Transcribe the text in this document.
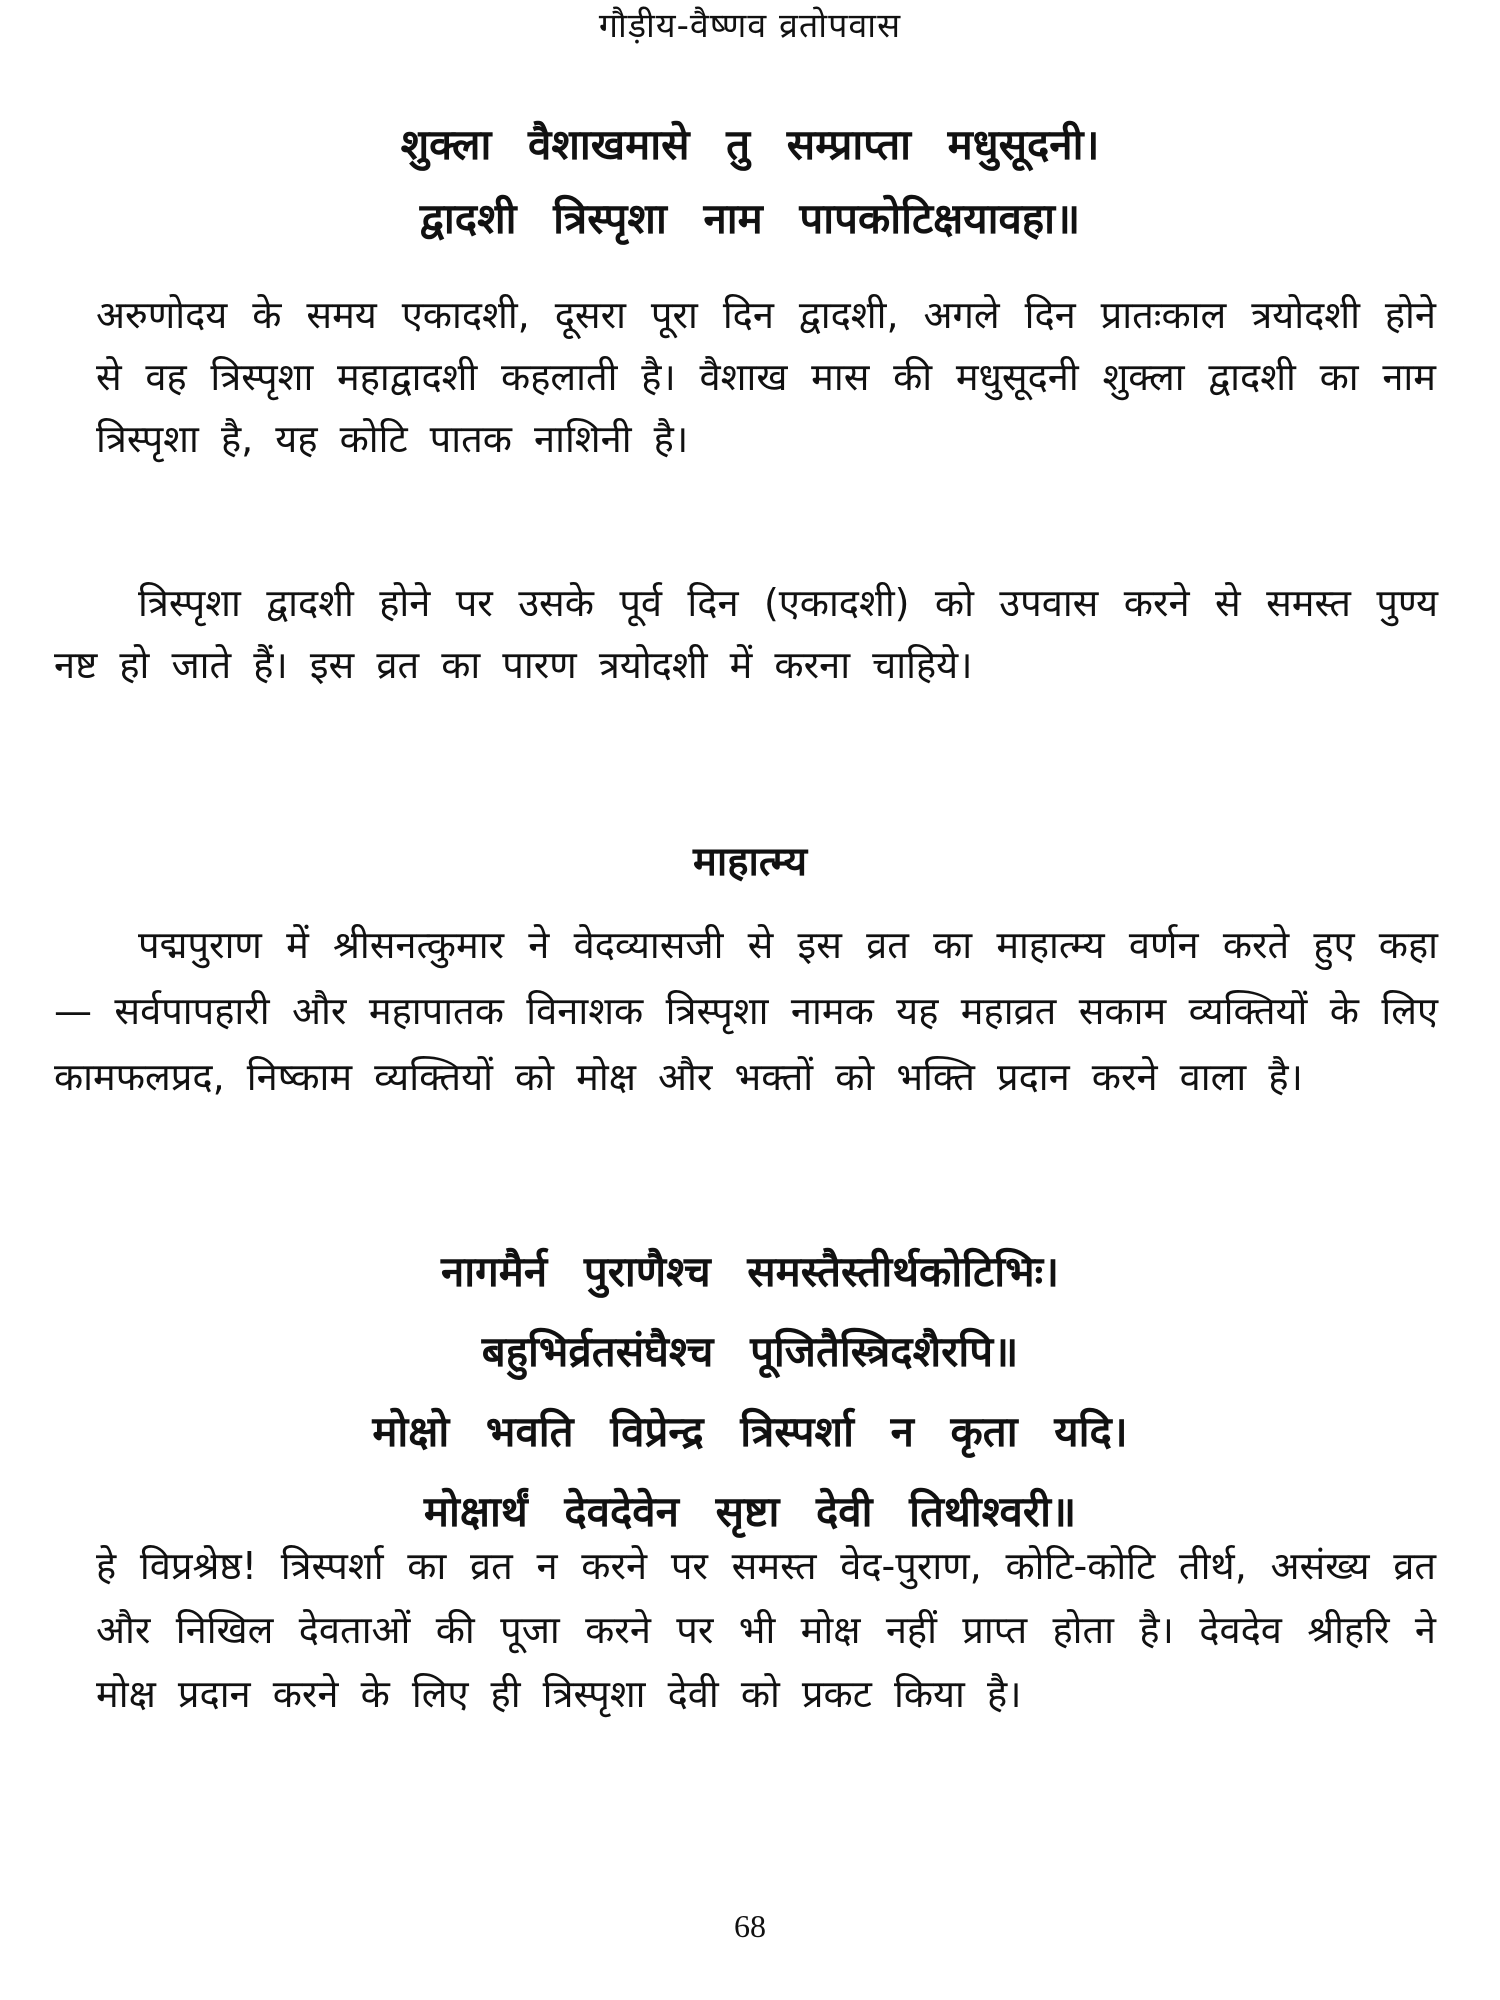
गौड़ीय-वैष्णव व्रतोपवास
शुक्ला वैशाखमासे तु सम्प्राप्ता मधुसूदनी।
द्वादशी त्रिस्पृशा नाम पापकोटिक्षयावहा॥

अरुणोदय के समय एकादशी, दूसरा पूरा दिन द्वादशी, अगले दिन प्रातःकाल त्रयोदशी होने से वह त्रिस्पृशा महाद्वादशी कहलाती है। वैशाख मास की मधुसूदनी शुक्ला द्वादशी का नाम त्रिस्पृशा है, यह कोटि पातक नाशिनी है।

त्रिस्पृशा द्वादशी होने पर उसके पूर्व दिन (एकादशी) को उपवास करने से समस्त पुण्य नष्ट हो जाते हैं। इस व्रत का पारण त्रयोदशी में करना चाहिये।

माहात्म्य

पद्मपुराण में श्रीसनत्कुमार ने वेदव्यासजी से इस व्रत का माहात्म्य वर्णन करते हुए कहा— सर्वपापहारी और महापातक विनाशक त्रिस्पृशा नामक यह महाव्रत सकाम व्यक्तियों के लिए कामफलप्रद, निष्काम व्यक्तियों को मोक्ष और भक्तों को भक्ति प्रदान करने वाला है।

नागमैर्न पुराणैश्च समस्तैस्तीर्थकोटिभिः।
बहुभिर्व्रतसंघैश्च पूजितैस्त्रिदशैरपि॥
मोक्षो भवति विप्रेन्द्र त्रिस्पर्शा न कृता यदि।
मोक्षार्थं देवदेवेन सृष्टा देवी तिथीश्वरी॥

हे विप्रश्रेष्ठ! त्रिस्पर्शा का व्रत न करने पर समस्त वेद-पुराण, कोटि-कोटि तीर्थ, असंख्य व्रत और निखिल देवताओं की पूजा करने पर भी मोक्ष नहीं प्राप्त होता है। देवदेव श्रीहरि ने मोक्ष प्रदान करने के लिए ही त्रिस्पृशा देवी को प्रकट किया है।

68
